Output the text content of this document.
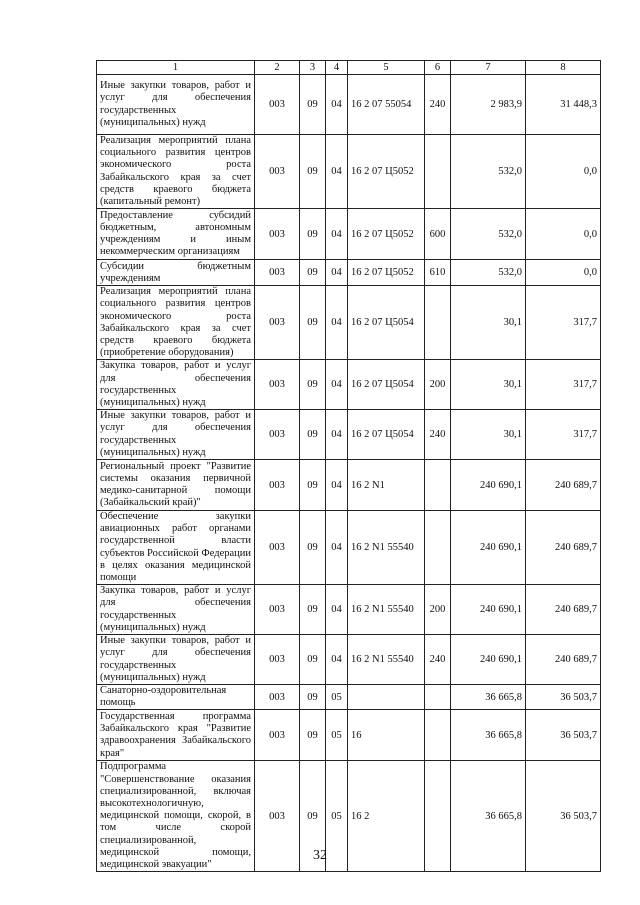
1	2	3	4	5	6	7	8
Иные закупки товаров, работ и услуг для обеспечения государственных (муниципальных) нужд	003	09	04	16 2 07 55054	240	2 983,9	31 448,3
Реализация мероприятий плана социального развития центров экономического роста Забайкальского края за счет средств краевого бюджета (капитальный ремонт)	003	09	04	16 2 07 Ц5052		532,0	0,0
Предоставление субсидий бюджетным, автономным учреждениям и иным некоммерческим организациям	003	09	04	16 2 07 Ц5052	600	532,0	0,0
Субсидии бюджетным учреждениям	003	09	04	16 2 07 Ц5052	610	532,0	0,0
Реализация мероприятий плана социального развития центров экономического роста Забайкальского края за счет средств краевого бюджета (приобретение оборудования)	003	09	04	16 2 07 Ц5054		30,1	317,7
Закупка товаров, работ и услуг для обеспечения государственных (муниципальных) нужд	003	09	04	16 2 07 Ц5054	200	30,1	317,7
Иные закупки товаров, работ и услуг для обеспечения государственных (муниципальных) нужд	003	09	04	16 2 07 Ц5054	240	30,1	317,7
Региональный проект "Развитие системы оказания первичной медико-санитарной помощи (Забайкальский край)"	003	09	04	16 2 N1		240 690,1	240 689,7
Обеспечение закупки авиационных работ органами государственной власти субъектов Российской Федерации в целях оказания медицинской помощи	003	09	04	16 2 N1 55540		240 690,1	240 689,7
Закупка товаров, работ и услуг для обеспечения государственных (муниципальных) нужд	003	09	04	16 2 N1 55540	200	240 690,1	240 689,7
Иные закупки товаров, работ и услуг для обеспечения государственных (муниципальных) нужд	003	09	04	16 2 N1 55540	240	240 690,1	240 689,7
Санаторно-оздоровительная помощь	003	09	05			36 665,8	36 503,7
Государственная программа Забайкальского края "Развитие здравоохранения Забайкальского края"	003	09	05	16		36 665,8	36 503,7
Подпрограмма "Совершенствование оказания специализированной, включая высокотехнологичную, медицинской помощи, скорой, в том числе скорой специализированной, медицинской помощи, медицинской эвакуации"	003	09	05	16 2		36 665,8	36 503,7
32
